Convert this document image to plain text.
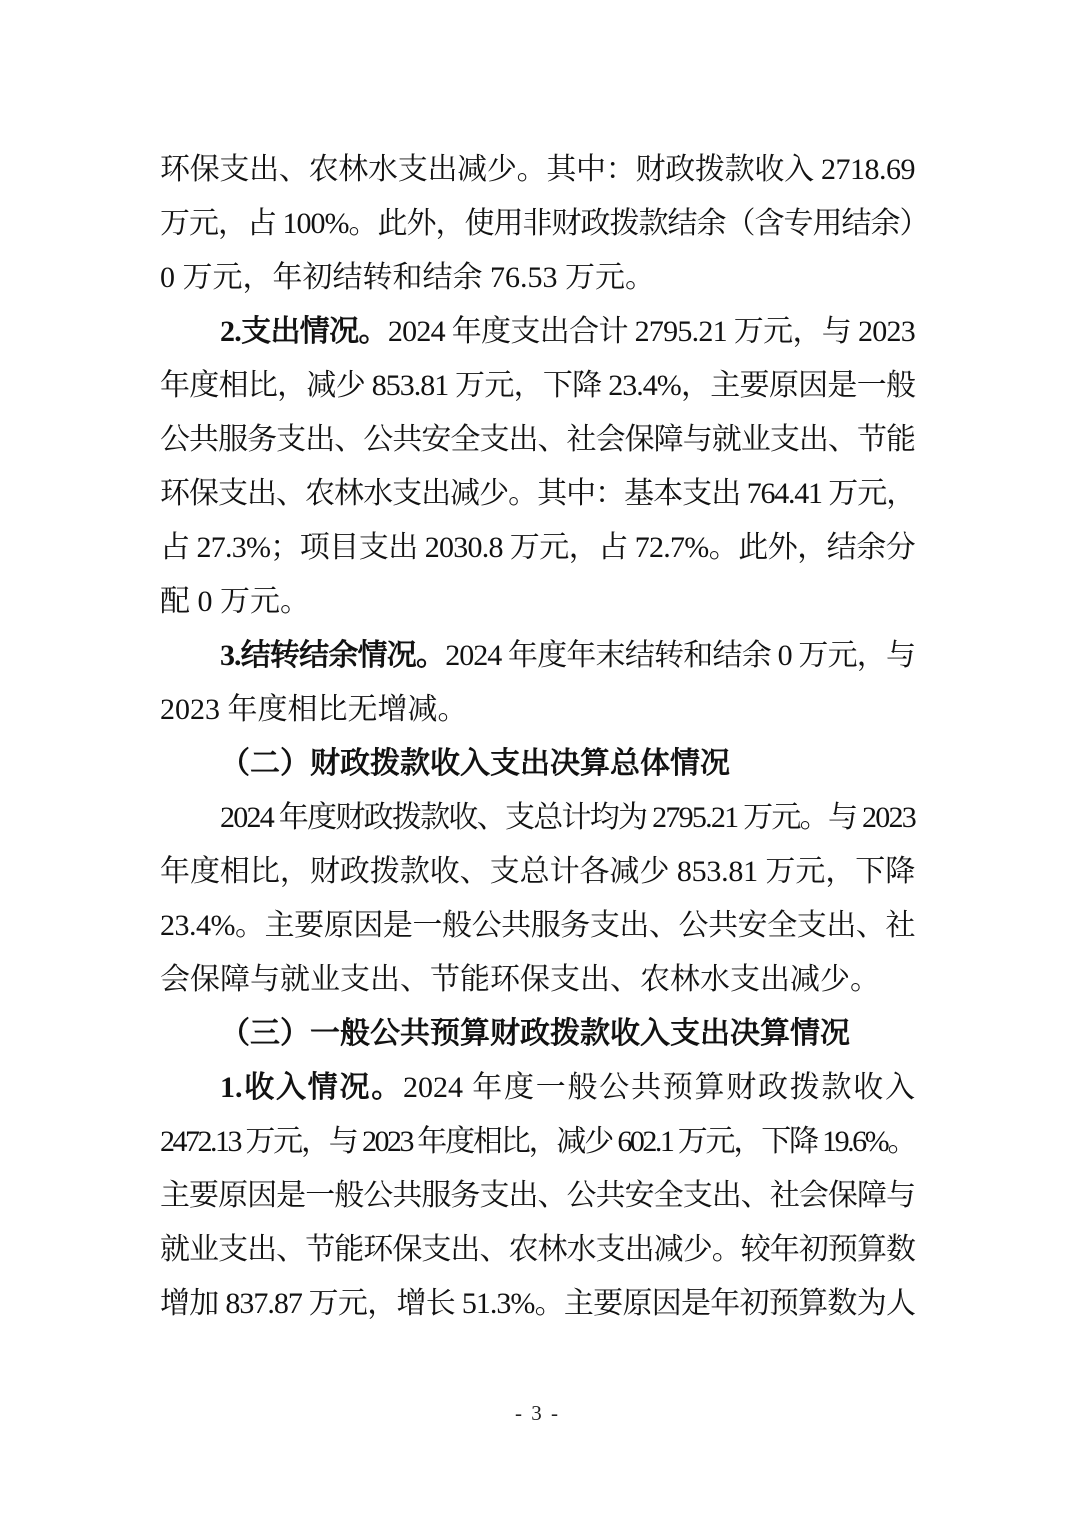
环保支出、农林水支出减少。其中：财政拨款收入 2718.69
万元，占 100%。此外，使用非财政拨款结余（含专用结余）
0 万元，年初结转和结余 76.53 万元。
2.支出情况。2024 年度支出合计 2795.21 万元，与 2023
年度相比，减少 853.81 万元，下降 23.4%，主要原因是一般
公共服务支出、公共安全支出、社会保障与就业支出、节能
环保支出、农林水支出减少。其中：基本支出 764.41 万元，
占 27.3%；项目支出 2030.8 万元，占 72.7%。此外，结余分
配 0 万元。
3.结转结余情况。2024 年度年末结转和结余 0 万元，与
2023 年度相比无增减。
（二）财政拨款收入支出决算总体情况
2024 年度财政拨款收、支总计均为 2795.21 万元。与 2023
年度相比，财政拨款收、支总计各减少 853.81 万元，下降
23.4%。主要原因是一般公共服务支出、公共安全支出、社
会保障与就业支出、节能环保支出、农林水支出减少。
（三）一般公共预算财政拨款收入支出决算情况
1.收入情况。2024 年度一般公共预算财政拨款收入
2472.13 万元，与 2023 年度相比，减少 602.1 万元，下降 19.6%。
主要原因是一般公共服务支出、公共安全支出、社会保障与
就业支出、节能环保支出、农林水支出减少。较年初预算数
增加 837.87 万元，增长 51.3%。主要原因是年初预算数为人
- 3 -
